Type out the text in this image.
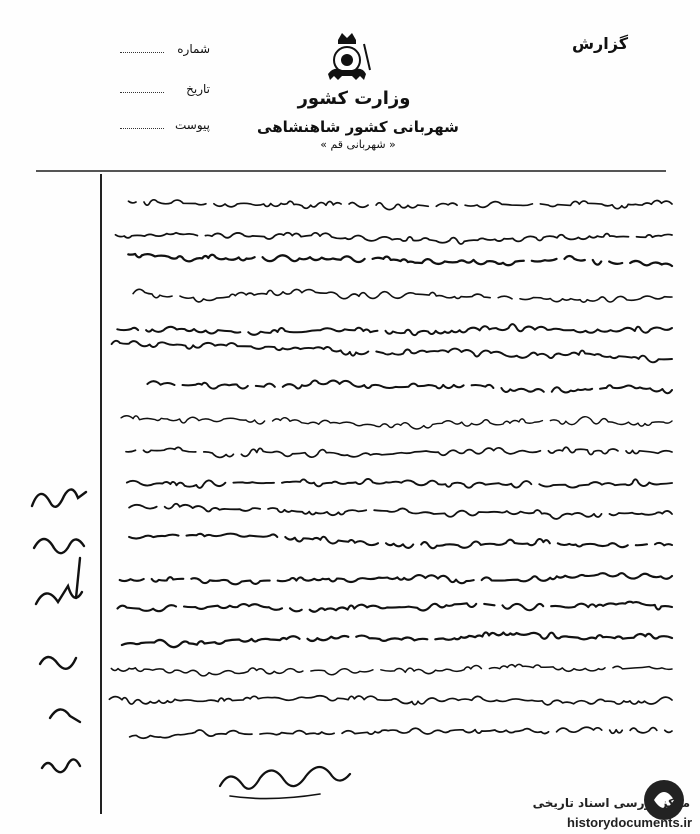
گزارش
شماره
تاریخ
پیوست
وزارت کشور
شهربانی کشور شاهنشاهی
« شهربانی قم »
مرکز بررسی اسناد تاریخی
historydocuments.ir
